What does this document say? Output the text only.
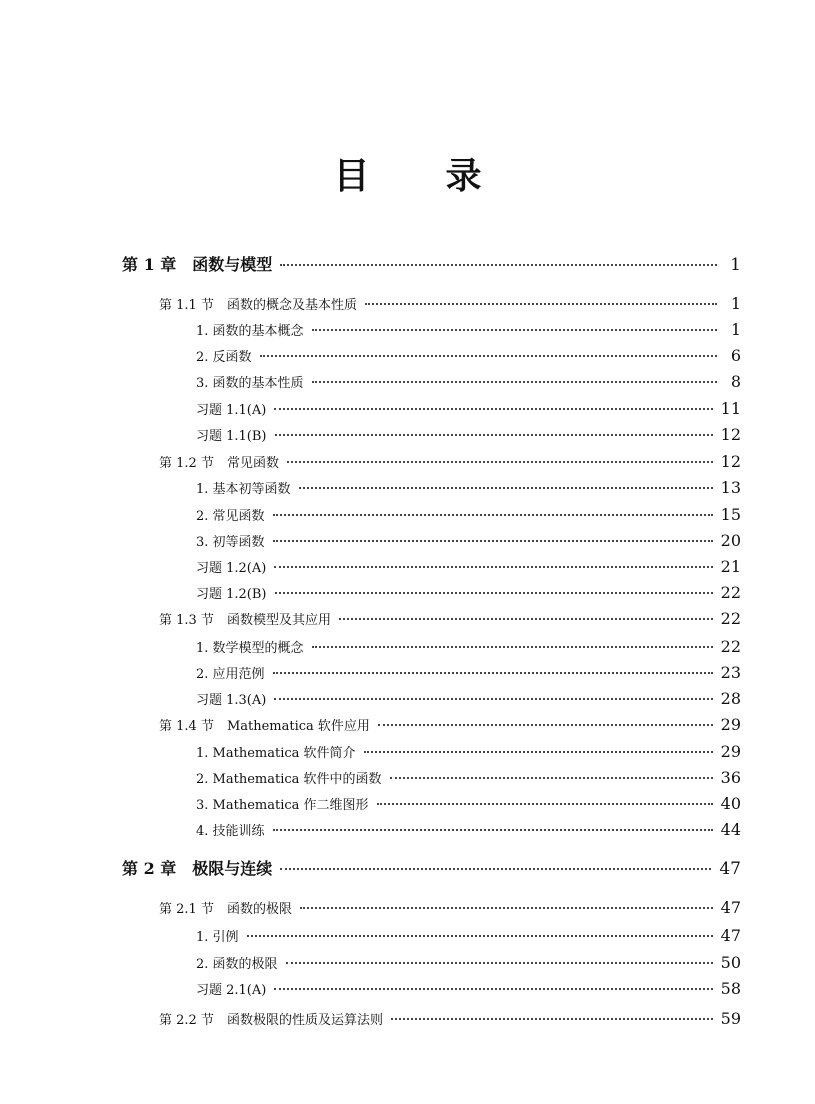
目 录
第 1 章　函数与模型	1
第 1.1 节　函数的概念及基本性质	1
1. 函数的基本概念	1
2. 反函数	6
3. 函数的基本性质	8
习题 1.1(A)	11
习题 1.1(B)	12
第 1.2 节　常见函数	12
1. 基本初等函数	13
2. 常见函数	15
3. 初等函数	20
习题 1.2(A)	21
习题 1.2(B)	22
第 1.3 节　函数模型及其应用	22
1. 数学模型的概念	22
2. 应用范例	23
习题 1.3(A)	28
第 1.4 节　Mathematica 软件应用	29
1. Mathematica 软件简介	29
2. Mathematica 软件中的函数	36
3. Mathematica 作二维图形	40
4. 技能训练	44
第 2 章　极限与连续	47
第 2.1 节　函数的极限	47
1. 引例	47
2. 函数的极限	50
习题 2.1(A)	58
第 2.2 节　函数极限的性质及运算法则	59
